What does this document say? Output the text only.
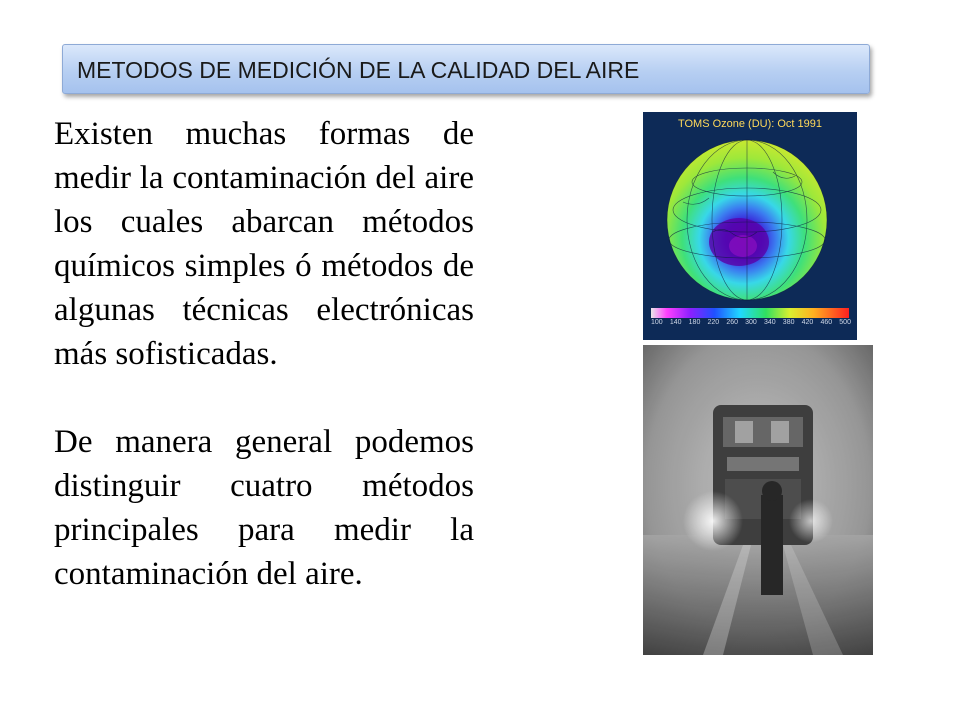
METODOS DE MEDICIÓN DE LA CALIDAD DEL AIRE

Existen muchas formas de medir la contaminación del aire los cuales abarcan métodos químicos simples ó métodos de algunas técnicas electrónicas más sofisticadas.

De manera general podemos distinguir cuatro métodos principales para medir la contaminación del aire.

TOMS Ozone (DU): Oct 1991
100 140 180 220 260 300 340 380 420 460 500
